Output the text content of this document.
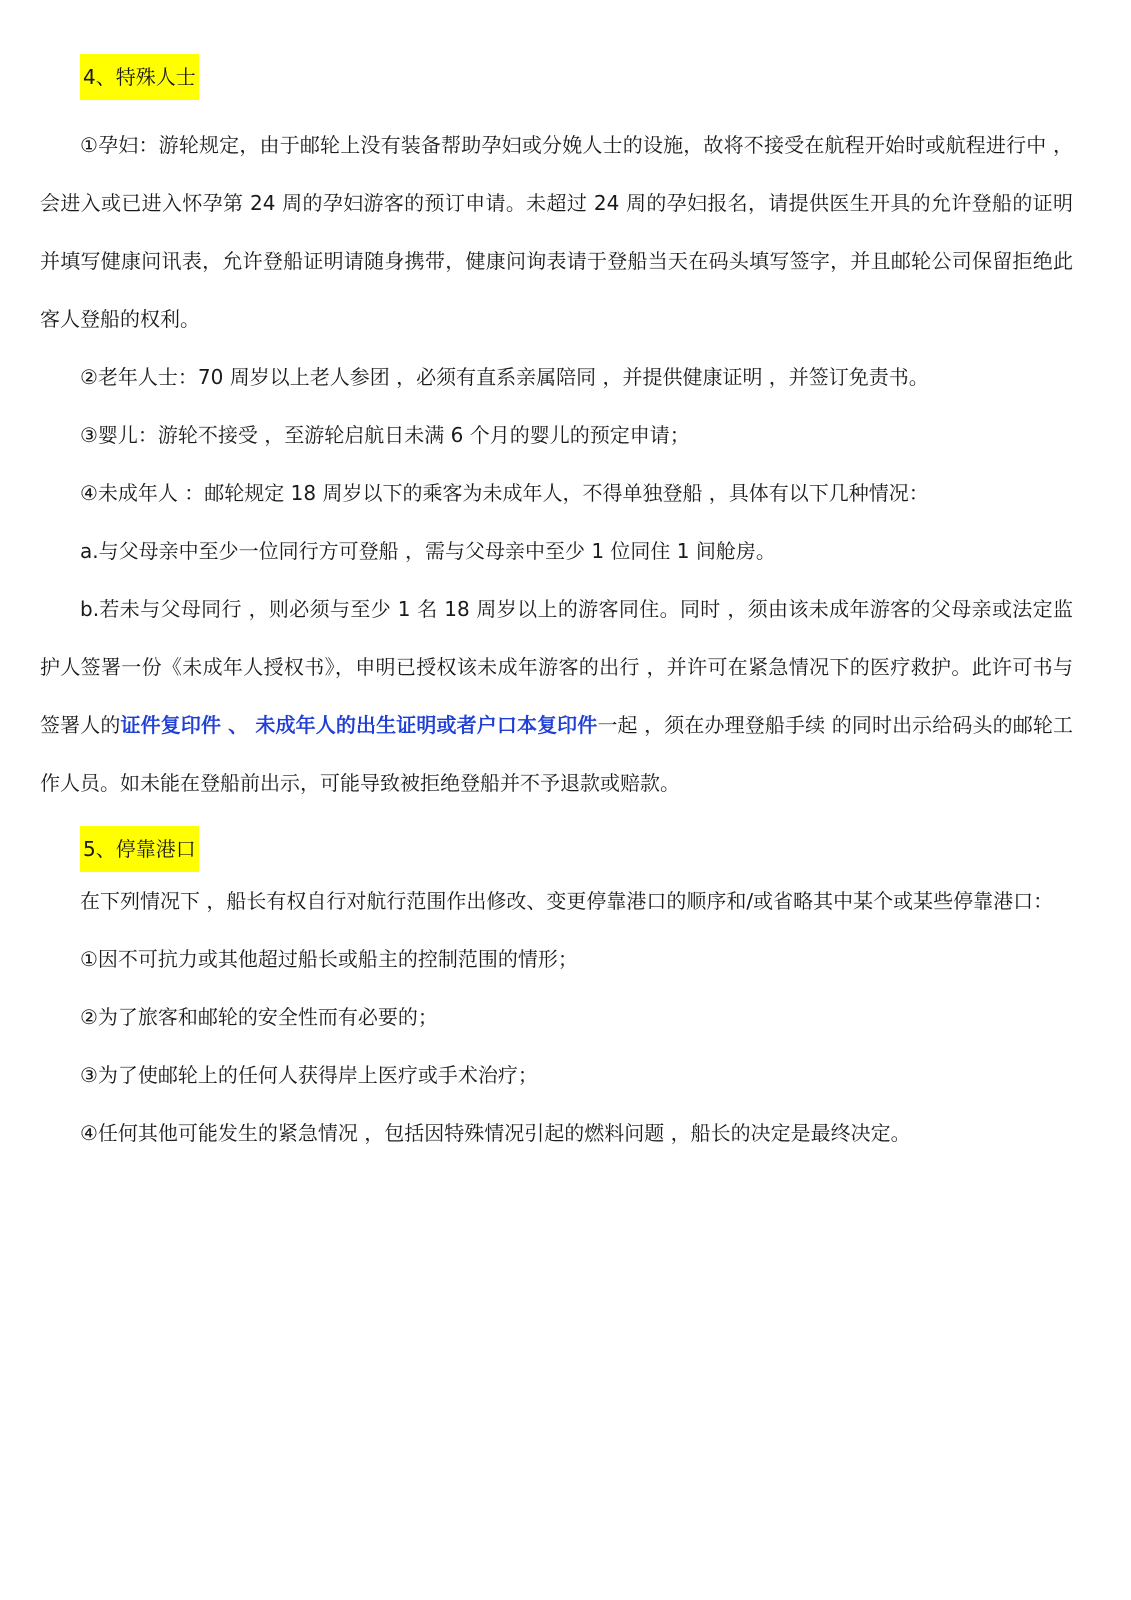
4、特殊人士

①孕妇：游轮规定，由于邮轮上没有装备帮助孕妇或分娩人士的设施，故将不接受在航程开始时或航程进行中 ，会进入或已进入怀孕第 24 周的孕妇游客的预订申请。未超过 24 周的孕妇报名，请提供医生开具的允许登船的证明并填写健康问讯表，允许登船证明请随身携带，健康问询表请于登船当天在码头填写签字，并且邮轮公司保留拒绝此客人登船的权利。

②老年人士：70 周岁以上老人参团 ，必须有直系亲属陪同 ，并提供健康证明 ，并签订免责书。

③婴儿：游轮不接受 ，至游轮启航日未满 6 个月的婴儿的预定申请；

④未成年人 ：邮轮规定 18 周岁以下的乘客为未成年人，不得单独登船 ，具体有以下几种情况：

a.与父母亲中至少一位同行方可登船 ，需与父母亲中至少 1 位同住 1 间舱房。

b.若未与父母同行 ，则必须与至少 1 名 18 周岁以上的游客同住。同时 ，须由该未成年游客的父母亲或法定监护人签署一份《未成年人授权书》，申明已授权该未成年游客的出行 ，并许可在紧急情况下的医疗救护。此许可书与签署人的证件复印件 、 未成年人的出生证明或者户口本复印件一起 ，须在办理登船手续 的同时出示给码头的邮轮工作人员。如未能在登船前出示，可能导致被拒绝登船并不予退款或赔款。

5、停靠港口

在下列情况下 ，船长有权自行对航行范围作出修改、变更停靠港口的顺序和/或省略其中某个或某些停靠港口：

①因不可抗力或其他超过船长或船主的控制范围的情形；

②为了旅客和邮轮的安全性而有必要的；

③为了使邮轮上的任何人获得岸上医疗或手术治疗；

④任何其他可能发生的紧急情况 ，包括因特殊情况引起的燃料问题 ，船长的决定是最终决定。
